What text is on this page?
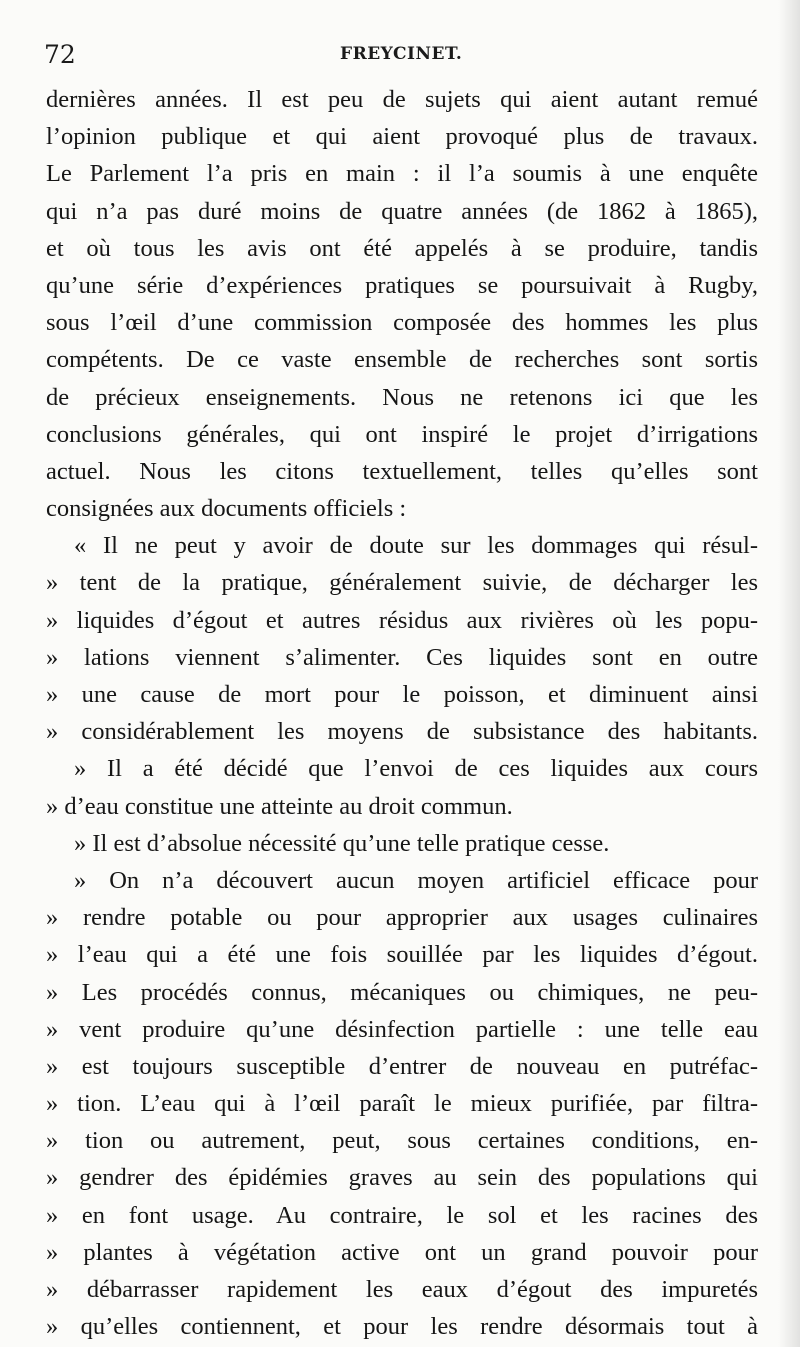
72	FREYCINET.
dernières années. Il est peu de sujets qui aient autant remué
l’opinion publique et qui aient provoqué plus de travaux.
Le Parlement l’a pris en main : il l’a soumis à une enquête
qui n’a pas duré moins de quatre années (de 1862 à 1865),
et où tous les avis ont été appelés à se produire, tandis
qu’une série d’expériences pratiques se poursuivait à Rugby,
sous l’œil d’une commission composée des hommes les plus
compétents. De ce vaste ensemble de recherches sont sortis
de précieux enseignements. Nous ne retenons ici que les
conclusions générales, qui ont inspiré le projet d’irrigations
actuel. Nous les citons textuellement, telles qu’elles sont
consignées aux documents officiels :
« Il ne peut y avoir de doute sur les dommages qui résul-
» tent de la pratique, généralement suivie, de décharger les
» liquides d’égout et autres résidus aux rivières où les popu-
» lations viennent s’alimenter. Ces liquides sont en outre
» une cause de mort pour le poisson, et diminuent ainsi
» considérablement les moyens de subsistance des habitants.
» Il a été décidé que l’envoi de ces liquides aux cours
» d’eau constitue une atteinte au droit commun.
» Il est d’absolue nécessité qu’une telle pratique cesse.
» On n’a découvert aucun moyen artificiel efficace pour
» rendre potable ou pour approprier aux usages culinaires
» l’eau qui a été une fois souillée par les liquides d’égout.
» Les procédés connus, mécaniques ou chimiques, ne peu-
» vent produire qu’une désinfection partielle : une telle eau
» est toujours susceptible d’entrer de nouveau en putréfac-
» tion. L’eau qui à l’œil paraît le mieux purifiée, par filtra-
» tion ou autrement, peut, sous certaines conditions, en-
» gendrer des épidémies graves au sein des populations qui
» en font usage. Au contraire, le sol et les racines des
» plantes à végétation active ont un grand pouvoir pour
» débarrasser rapidement les eaux d’égout des impuretés
» qu’elles contiennent, et pour les rendre désormais tout à
